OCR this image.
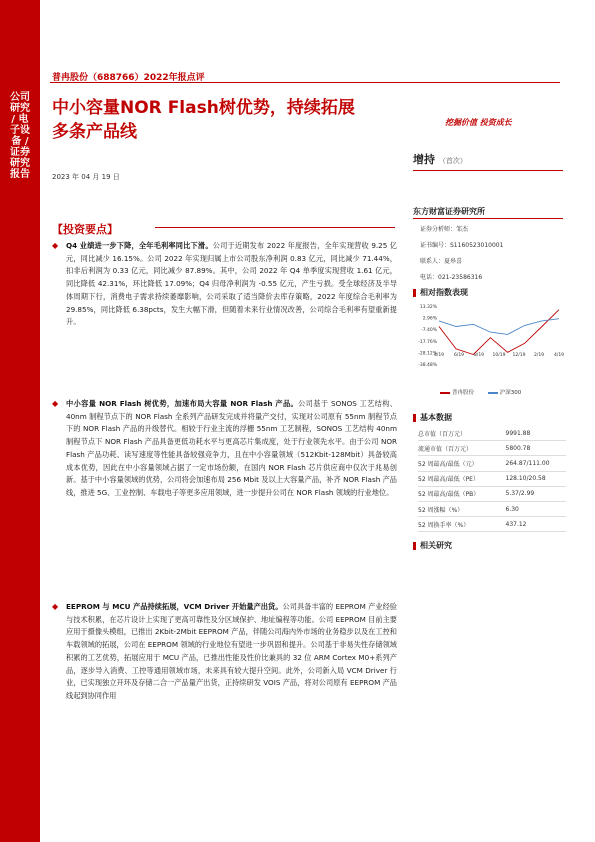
公司研究 / 电子设备 / 证券研究报告
普冉股份（688766）2022年报点评
中小容量NOR Flash树优势，持续拓展
多条产品线
2023 年 04 月 19 日
挖掘价值 投资成长
增持 （首次）
【投资要点】
◆	Q4 业绩进一步下降，全年毛利率同比下滑。公司于近期发布 2022 年度报告，全年实现营收 9.25 亿元，同比减少 16.15%。公司 2022 年实现归属上市公司股东净利润 0.83 亿元，同比减少 71.44%，扣非后利润为 0.33 亿元，同比减少 87.89%。其中，公司 2022 年 Q4 单季度实现营收 1.61 亿元，同比降低 42.31%，环比降低 17.09%；Q4 归母净利润为 -0.55 亿元，产生亏损。受全球经济及半导体周期下行，消费电子需求持续萎靡影响，公司采取了适当降价去库存策略，2022 年度综合毛利率为 29.85%，同比降低 6.38pcts，发生大幅下滑，但随着未来行业情况改善，公司综合毛利率有望重新提升。
◆	中小容量 NOR Flash 树优势，加速布局大容量 NOR Flash 产品。公司基于 SONOS 工艺结构、40nm 制程节点下的 NOR Flash 全系列产品研发完成并将量产交付，实现对公司原有 55nm 制程节点下的 NOR Flash 产品的升级替代。相较于行业主流的浮栅 55nm 工艺制程，SONOS 工艺结构 40nm 制程节点下 NOR Flash 产品具备更低功耗水平与更高芯片集成度，处于行业领先水平。由于公司 NOR Flash 产品功耗、读写速度等性能具备较强竞争力，且在中小容量领域（512Kbit-128Mbit）具备较高成本优势，因此在中小容量领域占据了一定市场份额，在国内 NOR Flash 芯片供应商中仅次于兆易创新。基于中小容量领域的优势，公司将会加速布局 256 Mbit 及以上大容量产品，补齐 NOR Flash 产品线，推进 5G、工业控制、车载电子等更多应用领域，进一步提升公司在 NOR Flash 领域的行业地位。
◆	EEPROM 与 MCU 产品持续拓展，VCM Driver 开始量产出货。公司具备丰富的 EEPROM 产业经验与技术积累，在芯片设计上实现了更高可靠性及分区域保护、地址编程等功能。公司 EEPROM 目前主要应用于摄像头模组，已推出 2Kbit-2Mbit EEPROM 产品，伴随公司海内外市场的业务稳步以及在工控和车载领域的拓展，公司在 EEPROM 领域的行业地位有望进一步巩固和提升。公司基于非易失性存储领域积累的工艺优势，拓展应用于 MCU 产品，已推出性能及性价比兼具的 32 位 ARM Cortex M0+系列产品，逐步导入消费、工控等通用领域市场，未来具有较大提升空间。此外，公司新入局 VCM Driver 行业，已实现独立开环及存储二合一产品量产出货，正持续研发 VOIS 产品，将对公司原有 EEPROM 产品线起到协同作用
东方财富证券研究所
证券分析师：邹杰
证书编号：S1160523010001
联系人：夏皋喜
电话：021-23586316
相对指数表现
13.32%
2.96%
-7.40%
-17.76%
-28.12%
-38.48%
4/19 6/19 8/19 10/19 12/19 2/19 4/19
普冉股份	沪深300
基本数据
总市值（百万元）	9991.88
流通市值（百万元）	5800.78
52 周最高/最低（元）	264.87/111.00
52 周最高/最低（PE）	128.10/20.58
52 周最高/最低（PB）	5.37/2.99
52 周涨幅（%）	6.30
52 周换手率（%）	437.12
相关研究
